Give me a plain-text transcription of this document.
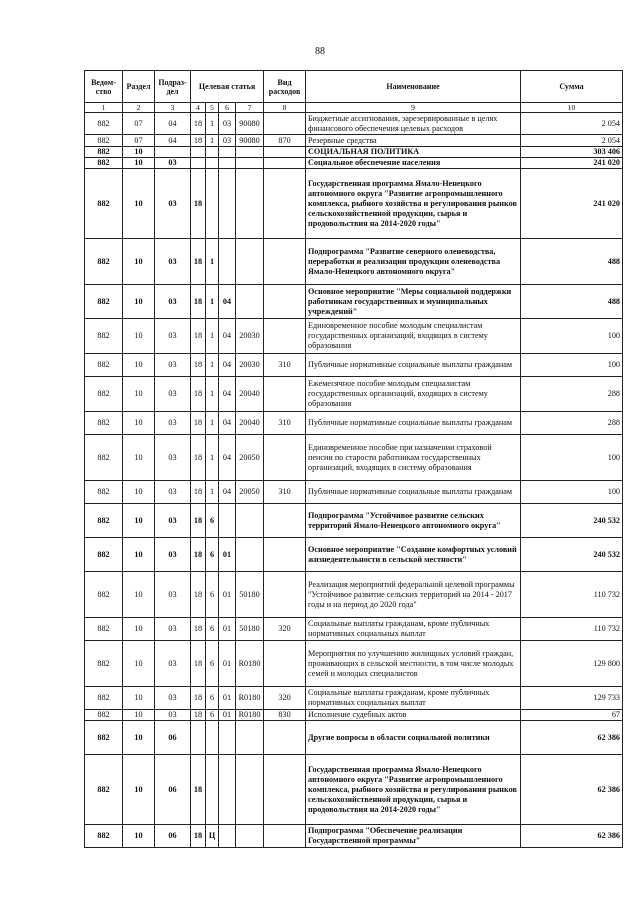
88
Ведом-ство	Раздел	Подраз-дел	Целевая статья				Вид расходов	Наименование	Сумма
1	2	3	4	5	6	7	8	9	10
882	07	04	18	1	03	90080		Бюджетные ассигнования, зарезервированные в целях финансового обеспечения целевых расходов	2 054
882	07	04	18	1	03	90080	870	Резервные средства	2 054
882	10							СОЦИАЛЬНАЯ ПОЛИТИКА	303 406
882	10	03						Социальное обеспечение населения	241 020
882	10	03	18					Государственная программа Ямало-Ненецкого автономного округа "Развитие агропромышленного комплекса, рыбного хозяйства и регулирования рынков сельскохозяйственной продукции, сырья и продовольствия на 2014-2020 годы"	241 020
882	10	03	18	1				Подпрограмма "Развитие северного оленеводства, переработки и реализации продукции оленеводства Ямало-Ненецкого автономного округа"	488
882	10	03	18	1	04			Основное мероприятие "Меры социальной поддержки работникам государственных и муниципальных учреждений"	488
882	10	03	18	1	04	20030		Единовременное пособие молодым специалистам государственных организаций, входящих в систему образования	100
882	10	03	18	1	04	20030	310	Публичные нормативные социальные выплаты гражданам	100
882	10	03	18	1	04	20040		Ежемесячное пособие молодым специалистам государственных организаций, входящих в систему образования	288
882	10	03	18	1	04	20040	310	Публичные нормативные социальные выплаты гражданам	288
882	10	03	18	1	04	20050		Единовременное пособие при назначении страховой пенсии по старости работникам государственных организаций, входящих в систему образования	100
882	10	03	18	1	04	20050	310	Публичные нормативные социальные выплаты гражданам	100
882	10	03	18	6				Подпрограмма "Устойчивое развитие сельских территорий Ямало-Ненецкого автономного округа"	240 532
882	10	03	18	6	01			Основное мероприятие "Создание комфортных условий жизнедеятельности в сельской местности"	240 532
882	10	03	18	6	01	50180		Реализация мероприятий федеральной целевой программы "Устойчивое развитие сельских территорий на 2014 - 2017 годы и на период до 2020 года"	110 732
882	10	03	18	6	01	50180	320	Социальные выплаты гражданам, кроме публичных нормативных социальных выплат	110 732
882	10	03	18	6	01	R0180		Мероприятия по улучшению жилищных условий граждан, проживающих в сельской местности, в том числе молодых семей и молодых специалистов	129 800
882	10	03	18	6	01	R0180	320	Социальные выплаты гражданам, кроме публичных нормативных социальных выплат	129 733
882	10	03	18	6	01	R0180	830	Исполнение судебных актов	67
882	10	06						Другие вопросы в области социальной политики	62 386
882	10	06	18					Государственная программа Ямало-Ненецкого автономного округа "Развитие агропромышленного комплекса, рыбного хозяйства и регулирования рынков сельскохозяйственной продукции, сырья и продовольствия на 2014-2020 годы"	62 386
882	10	06	18	Ц				Подпрограмма "Обеспечение реализации Государственной программы"	62 386
